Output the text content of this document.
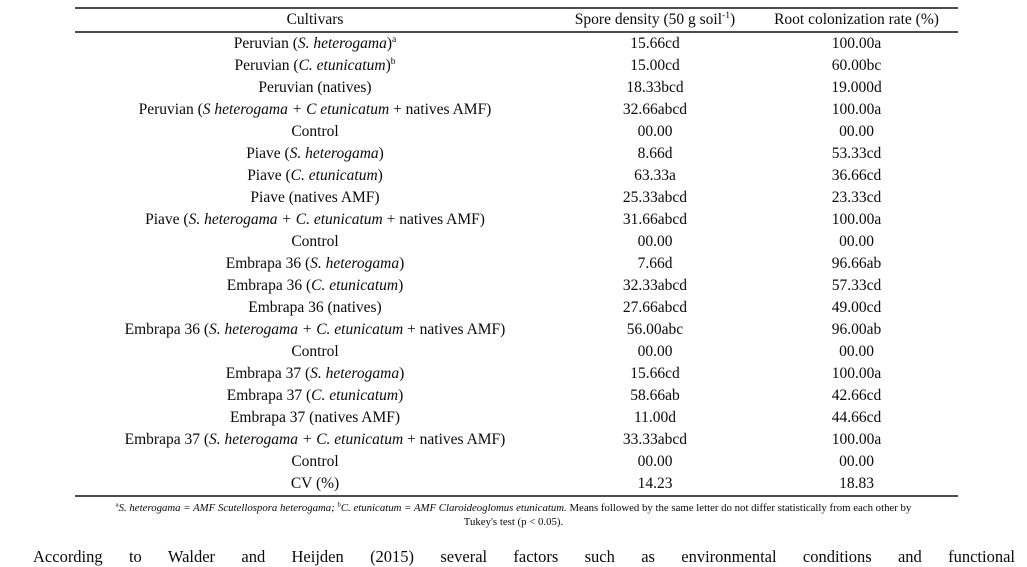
Cultivars	Spore density (50 g soil$^{-1}$)	Root colonization rate (%)
Peruvian (S. heterogama)$^a$	15.66cd	100.00a
Peruvian (C. etunicatum)$^b$	15.00cd	60.00bc
Peruvian (natives)	18.33bcd	19.000d
Peruvian (S heterogama + C etunicatum + natives AMF)	32.66abcd	100.00a
Control	00.00	00.00
Piave (S. heterogama)	8.66d	53.33cd
Piave (C. etunicatum)	63.33a	36.66cd
Piave (natives AMF)	25.33abcd	23.33cd
Piave (S. heterogama + C. etunicatum + natives AMF)	31.66abcd	100.00a
Control	00.00	00.00
Embrapa 36 (S. heterogama)	7.66d	96.66ab
Embrapa 36 (C. etunicatum)	32.33abcd	57.33cd
Embrapa 36 (natives)	27.66abcd	49.00cd
Embrapa 36 (S. heterogama + C. etunicatum + natives AMF)	56.00abc	96.00ab
Control	00.00	00.00
Embrapa 37 (S. heterogama)	15.66cd	100.00a
Embrapa 37 (C. etunicatum)	58.66ab	42.66cd
Embrapa 37 (natives AMF)	11.00d	44.66cd
Embrapa 37 (S. heterogama + C. etunicatum + natives AMF)	33.33abcd	100.00a
Control	00.00	00.00
CV (%)	14.23	18.83
$^a$S. heterogama = AMF Scutellospora heterogama; $^b$C. etunicatum = AMF Claroideoglomus etunicatum. Means followed by the same letter do not differ statistically from each other by
Tukey's test (p < 0.05).
According to Walder and Heijden (2015) several factors such as environmental conditions and functional
